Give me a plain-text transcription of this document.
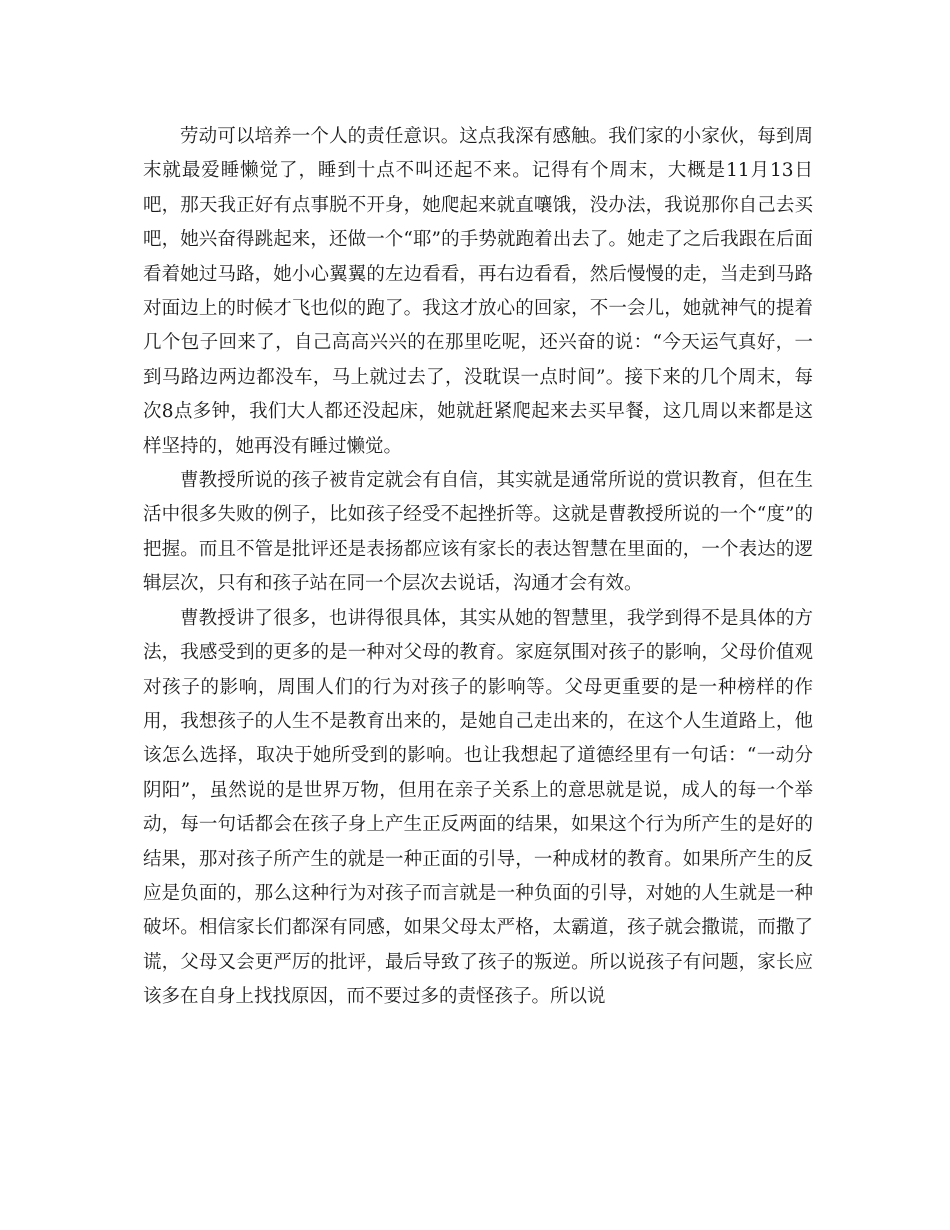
劳动可以培养一个人的责任意识。这点我深有感触。我们家的小家伙，每到周末就最爱睡懒觉了，睡到十点不叫还起不来。记得有个周末，大概是11月13日吧，那天我正好有点事脱不开身，她爬起来就直嚷饿，没办法，我说那你自己去买吧，她兴奋得跳起来，还做一个“耶”的手势就跑着出去了。她走了之后我跟在后面看着她过马路，她小心翼翼的左边看看，再右边看看，然后慢慢的走，当走到马路对面边上的时候才飞也似的跑了。我这才放心的回家，不一会儿，她就神气的提着几个包子回来了，自己高高兴兴的在那里吃呢，还兴奋的说：“今天运气真好，一到马路边两边都没车，马上就过去了，没耽误一点时间”。接下来的几个周末，每次8点多钟，我们大人都还没起床，她就赶紧爬起来去买早餐，这几周以来都是这样坚持的，她再没有睡过懒觉。

曹教授所说的孩子被肯定就会有自信，其实就是通常所说的赏识教育，但在生活中很多失败的例子，比如孩子经受不起挫折等。这就是曹教授所说的一个“度”的把握。而且不管是批评还是表扬都应该有家长的表达智慧在里面的，一个表达的逻辑层次，只有和孩子站在同一个层次去说话，沟通才会有效。

曹教授讲了很多，也讲得很具体，其实从她的智慧里，我学到得不是具体的方法，我感受到的更多的是一种对父母的教育。家庭氛围对孩子的影响，父母价值观对孩子的影响，周围人们的行为对孩子的影响等。父母更重要的是一种榜样的作用，我想孩子的人生不是教育出来的，是她自己走出来的，在这个人生道路上，他该怎么选择，取决于她所受到的影响。也让我想起了道德经里有一句话：“一动分阴阳”，虽然说的是世界万物，但用在亲子关系上的意思就是说，成人的每一个举动，每一句话都会在孩子身上产生正反两面的结果，如果这个行为所产生的是好的结果，那对孩子所产生的就是一种正面的引导，一种成材的教育。如果所产生的反应是负面的，那么这种行为对孩子而言就是一种负面的引导，对她的人生就是一种破坏。相信家长们都深有同感，如果父母太严格，太霸道，孩子就会撒谎，而撒了谎，父母又会更严厉的批评，最后导致了孩子的叛逆。所以说孩子有问题，家长应该多在自身上找找原因，而不要过多的责怪孩子。所以说
